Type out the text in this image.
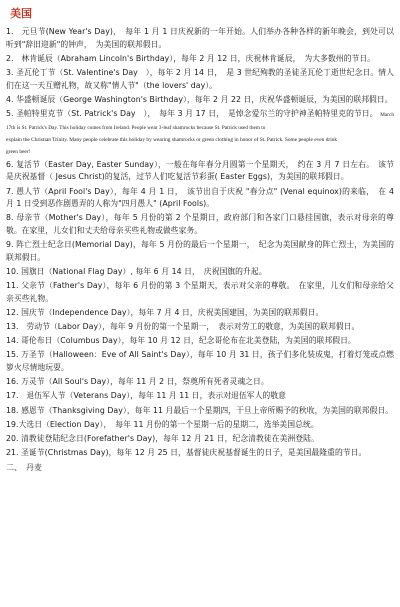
美国

1.　元旦节(New Year's Day)，　每年 1 月 1 日庆祝新的一年开始。人们举办各种各样的新年晚会，到处可以听到"辞旧迎新"的钟声，　为美国的联邦假日。

2.　林肯诞辰（Abraham Lincoln's Birthday），每年 2 月 12 日，庆祝林肯诞辰，　为大多数州的节日。

3. 圣瓦伦丁节（St. Valentine's Day　），每年 2 月 14 日，　是 3 世纪殉教的圣徒圣瓦伦丁逝世纪念日。情人们在这一天互赠礼物，故又称"情人节"（the lovers' day）。

4. 华盛顿诞辰（George Washington's Birthday），每年 2 月 22 日，庆祝华盛顿诞辰，为美国的联邦假日。

5. 圣帕特里克节（St. Patrick's Day　），　每年 3 月 17 日，　是悼念爱尔兰的守护神圣帕特里克的节日。 March 17th is St. Patrick's Day. This holiday comes from Ireland. People wear 3-leaf shamrocks because St. Patrick used them to

explain the Christian Trinity. Many people celebrate this holiday by wearing shamrocks or green clothing in honor of St. Patrick. Some people even drink
green beer!

6. 复活节（Easter Day, Easter Sunday），一般在每年春分月圆第一个星期天，　约在 3 月 7 日左右。　该节是庆祝基督（ Jesus Christ)的复活，过节人们吃复活节彩蛋( Easter Eggs)，为美国的联邦假日。

7. 愚人节（April Fool's Day），每年 4 月 1 日，　该节出自于庆祝 "春分点" (Venal equinox)的来临，　在 4 月 1 日受到恶作剧愚弄的人称为"四月愚人" (April Fools)。

8. 母亲节（Mother's Day），每年 5 月份的第 2 个星期日，政府部门和各家门口悬挂国旗，表示对母亲的尊敬。在家里，儿女们和丈夫给母亲买些礼物或做些家务。

9. 阵亡烈士纪念日(Memorial Day)，每年 5 月份的最后一个星期一，　纪念为美国献身的阵亡烈士，为美国的联邦假日。

10. 国旗日（National Flag Day）, 每年 6 月 14 日，　庆祝国旗的升起。

11. 父亲节（Father's Day），每年 6 月份的第 3 个星期天，表示对父亲的尊敬。　在家里，儿女们和母亲给父亲买些礼物。

12. 国庆节（Independence Day），每年 7 月 4 日，庆祝美国建国，为美国的联邦假日。

13.　劳动节（Labor Day），每年 9 月份的第一个星期一，　表示对劳工的敬意，为美国的联邦假日。

14. 哥伦布日（Columbus Day），每年 10 月 12 日，纪念哥伦布在北美登陆，为美国的联邦假日。

15. 万圣节（Halloween：Eve of All Saint's Day），每年 10 月 31 日，孩子们多化装成鬼，打着灯笼或点燃箩火尽情地玩耍。

16. 万灵节（All Soul's Day），每年 11 月 2 日，祭奠所有死者灵魂之日。

17.　退伍军人节（Veterans Day），每年 11 月 11 日，表示对退伍军人的敬意

18. 感恩节（Thanksgiving Day），每年 11 月最后一个星期四，干旦上帝所赐予的秋收，为美国的联邦假日。

19.大选日（Election Day），　每年 11 月份的第一个星期一后的星期二，选举美国总统。

20. 清教徒登陆纪念日(Forefather's Day)，每年 12 月 21 日，纪念清教徒在美洲登陆。

21. 圣诞节(Christmas Day)，每年 12 月 25 日，基督徒庆祝基督诞生的日子，是美国最隆重的节日。

二、　丹麦
